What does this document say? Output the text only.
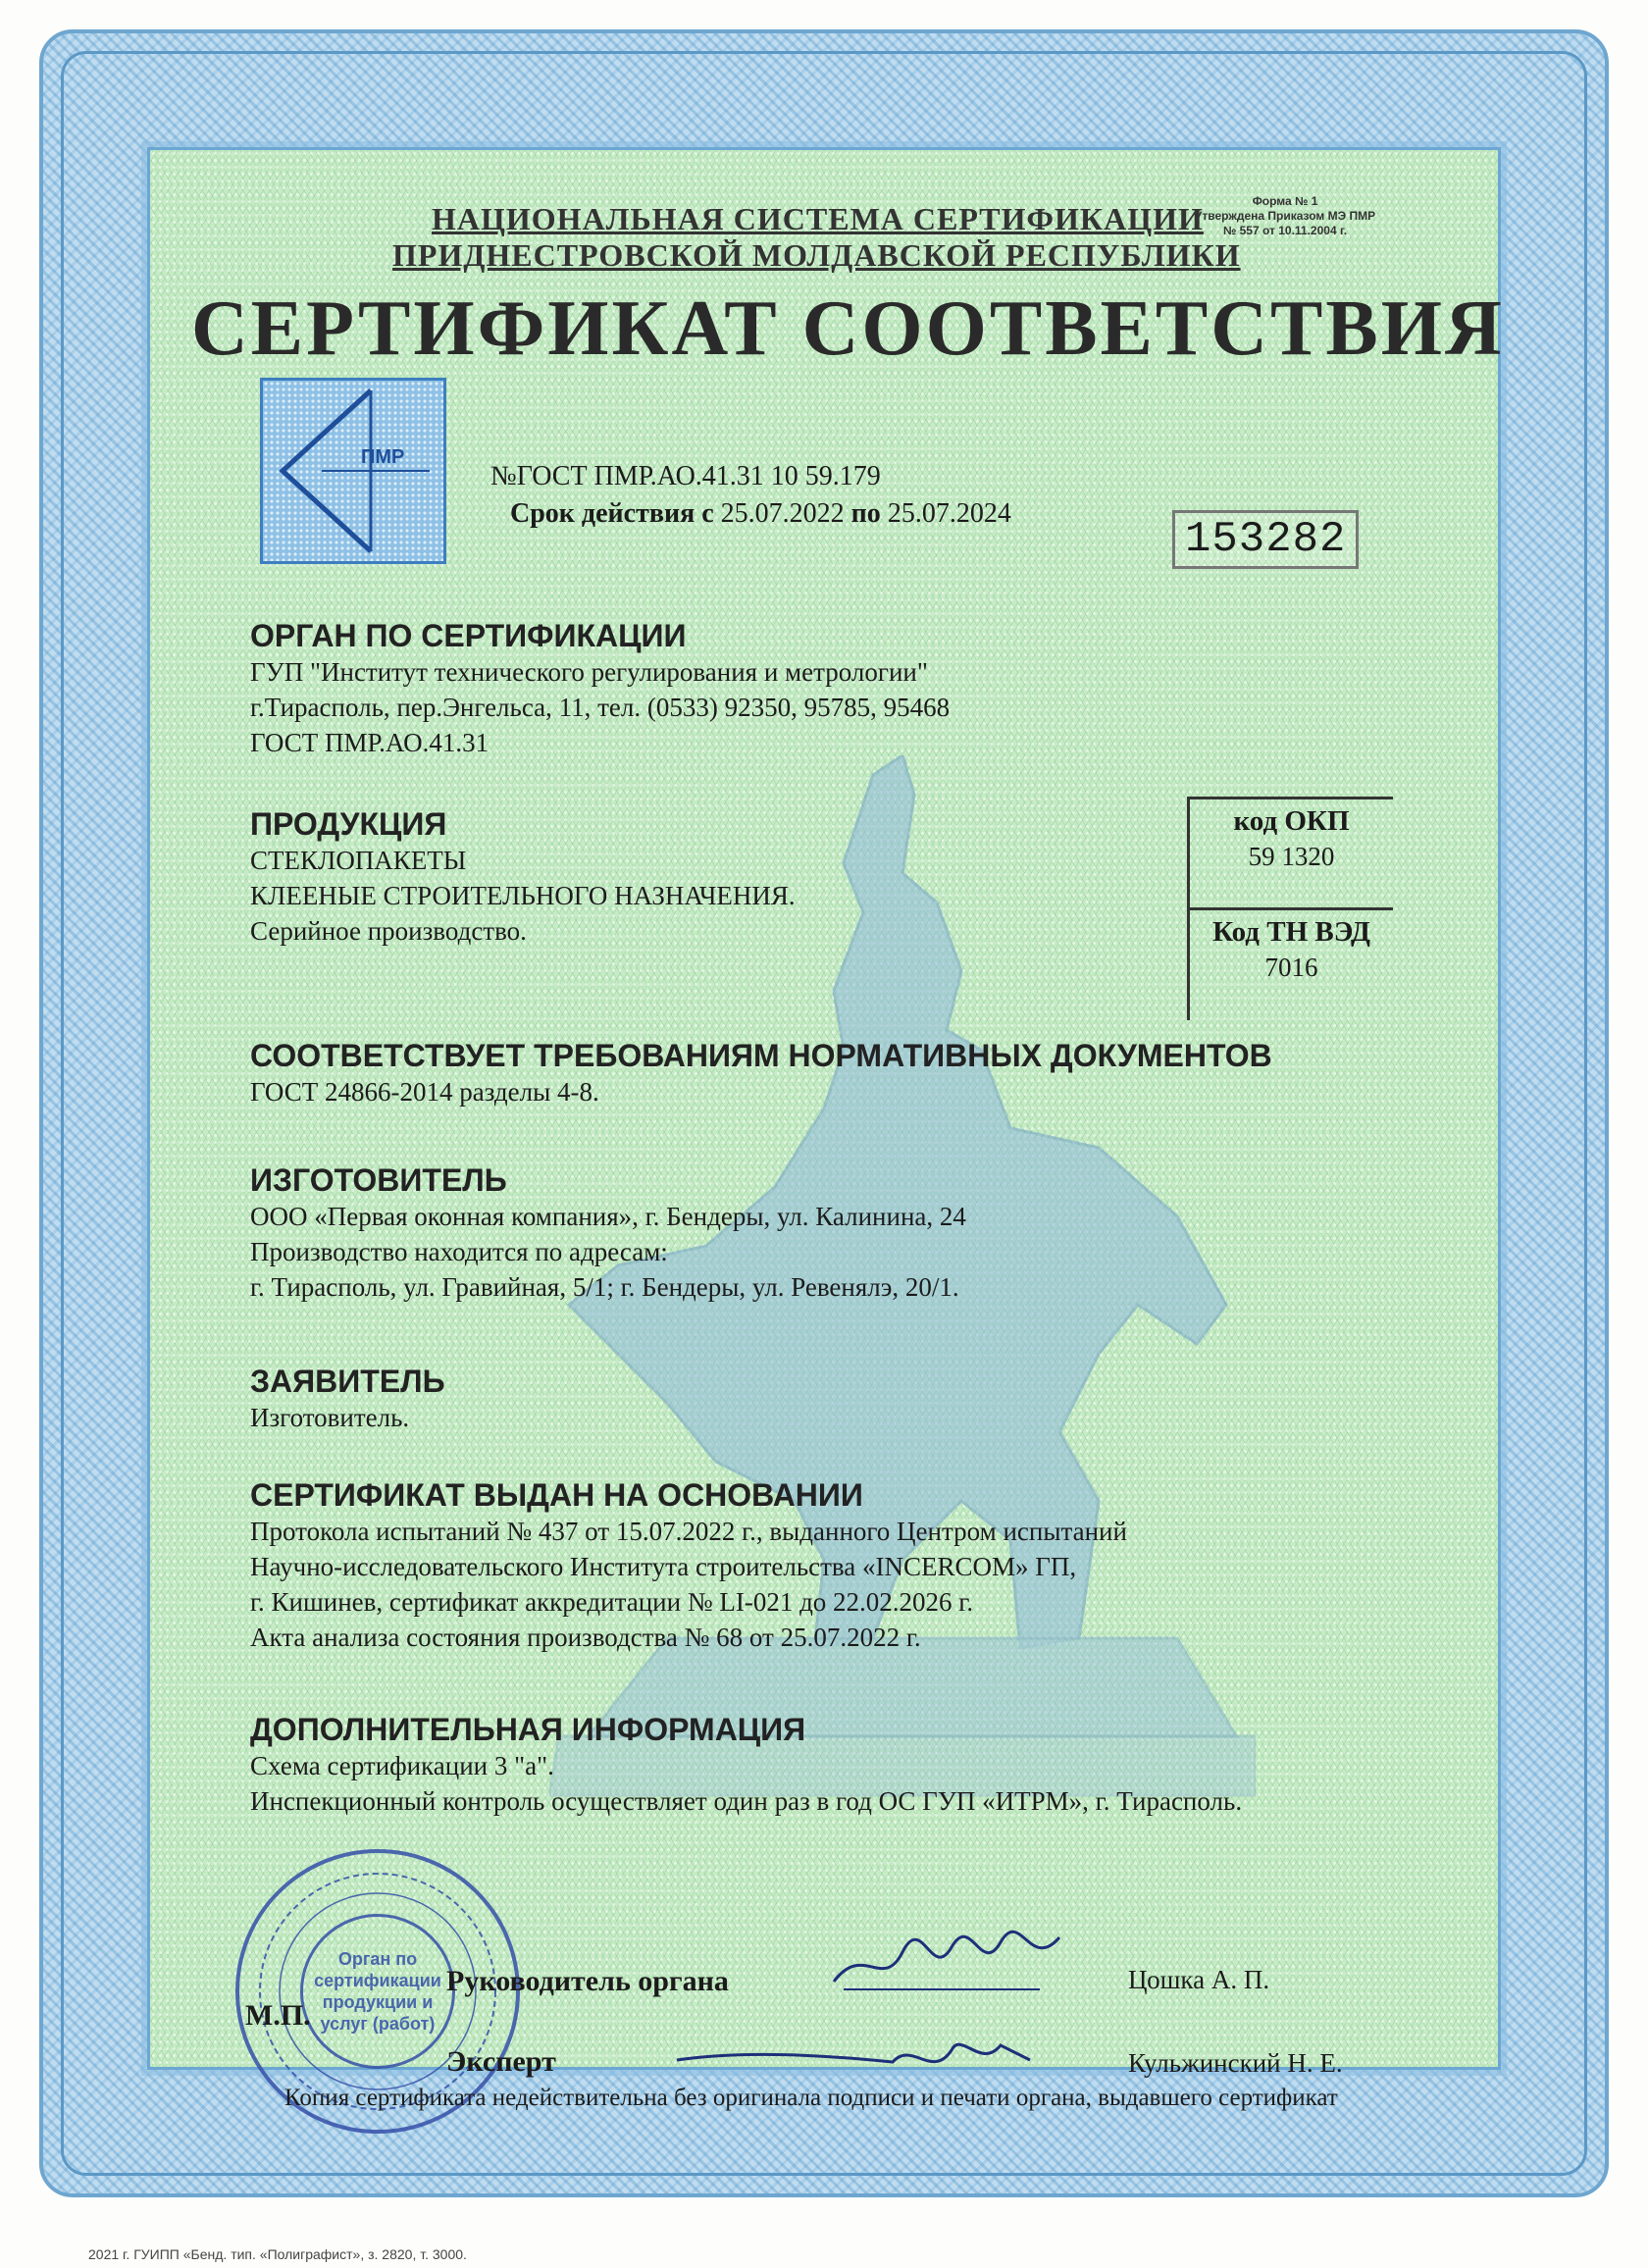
НАЦИОНАЛЬНАЯ СИСТЕМА СЕРТИФИКАЦИИ
ПРИДНЕСТРОВСКОЙ МОЛДАВСКОЙ РЕСПУБЛИКИ
Форма № 1
Утверждена Приказом МЭ ПМР
№ 557 от 10.11.2004 г.
СЕРТИФИКАТ СООТВЕТСТВИЯ
ПМР
№ГОСТ ПМР.АО.41.31 10 59.179
Срок действия с 25.07.2022 по 25.07.2024
153282
ОРГАН ПО СЕРТИФИКАЦИИ
ГУП "Институт технического регулирования и метрологии"
г.Тирасполь, пер.Энгельса, 11, тел. (0533) 92350, 95785, 95468
ГОСТ ПМР.АО.41.31
ПРОДУКЦИЯ
СТЕКЛОПАКЕТЫ
КЛЕЕНЫЕ СТРОИТЕЛЬНОГО НАЗНАЧЕНИЯ.
Серийное производство.
код ОКП
59 1320
Код ТН ВЭД
7016
СООТВЕТСТВУЕТ ТРЕБОВАНИЯМ НОРМАТИВНЫХ ДОКУМЕНТОВ
ГОСТ 24866-2014 разделы 4-8.
ИЗГОТОВИТЕЛЬ
ООО «Первая оконная компания», г. Бендеры, ул. Калинина, 24
Производство находится по адресам:
г. Тирасполь, ул. Гравийная, 5/1; г. Бендеры, ул. Ревенялэ, 20/1.
ЗАЯВИТЕЛЬ
Изготовитель.
СЕРТИФИКАТ ВЫДАН НА ОСНОВАНИИ
Протокола испытаний № 437 от 15.07.2022 г., выданного Центром испытаний
Научно-исследовательского Института строительства «INCERCOM» ГП,
г. Кишинев, сертификат аккредитации № LI-021 до 22.02.2026 г.
Акта анализа состояния производства № 68 от 25.07.2022 г.
ДОПОЛНИТЕЛЬНАЯ ИНФОРМАЦИЯ
Схема сертификации 3 "а".
Инспекционный контроль осуществляет один раз в год ОС ГУП «ИТРМ», г. Тирасполь.
Орган по сертификации продукции и услуг (работ)
М.П.
Руководитель органа	Цошка А. П.
Эксперт	Кульжинский Н. Е.
Копия сертификата недействительна без оригинала подписи и печати органа, выдавшего сертификат
2021 г. ГУИПП «Бенд. тип. «Полиграфист», з. 2820, т. 3000.
